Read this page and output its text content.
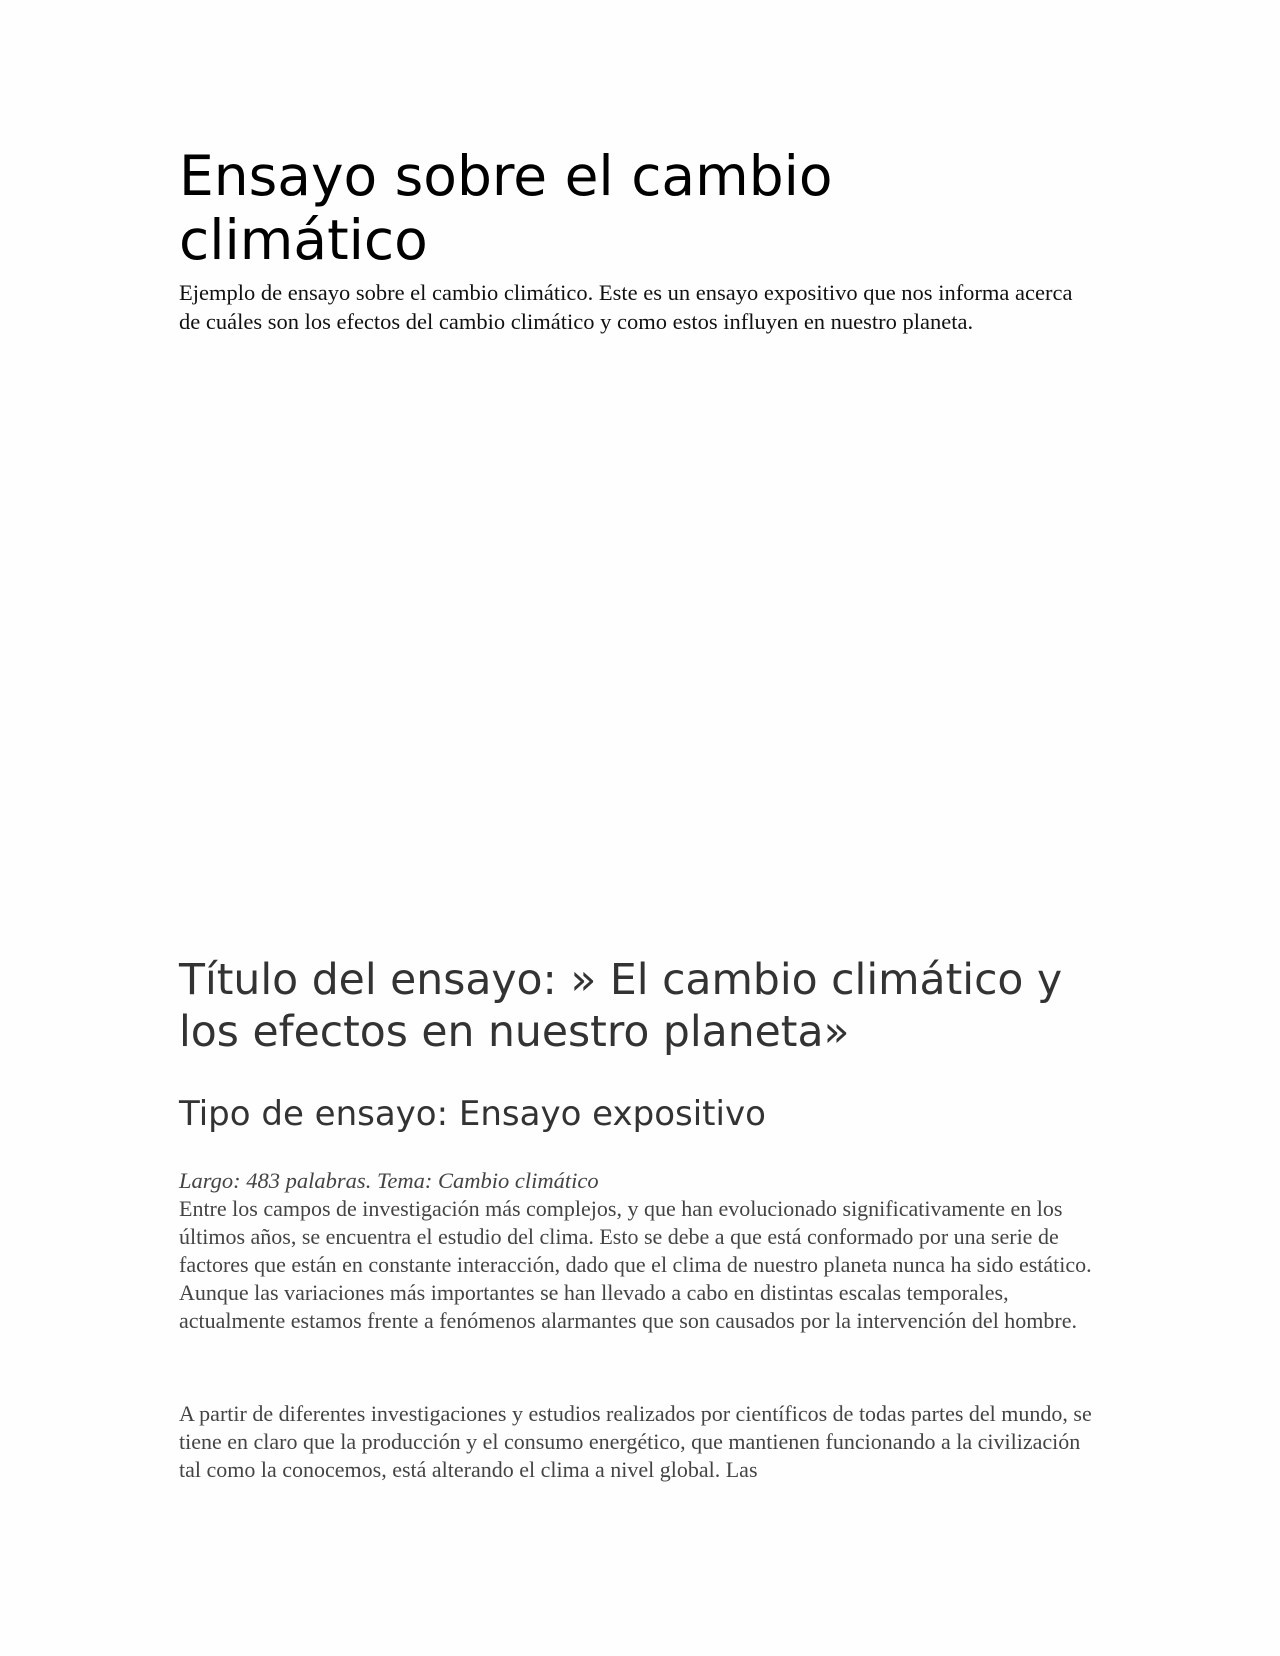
Ensayo sobre el cambio climático

Ejemplo de ensayo sobre el cambio climático. Este es un ensayo expositivo que nos informa acerca de cuáles son los efectos del cambio climático y como estos influyen en nuestro planeta.

Título del ensayo: » El cambio climático y los efectos en nuestro planeta»
Tipo de ensayo: Ensayo expositivo

Largo: 483 palabras. Tema: Cambio climático

Entre los campos de investigación más complejos, y que han evolucionado significativamente en los últimos años, se encuentra el estudio del clima. Esto se debe a que está conformado por una serie de factores que están en constante interacción, dado que el clima de nuestro planeta nunca ha sido estático. Aunque las variaciones más importantes se han llevado a cabo en distintas escalas temporales, actualmente estamos frente a fenómenos alarmantes que son causados por la intervención del hombre.

A partir de diferentes investigaciones y estudios realizados por científicos de todas partes del mundo, se tiene en claro que la producción y el consumo energético, que mantienen funcionando a la civilización tal como la conocemos, está alterando el clima a nivel global. Las
